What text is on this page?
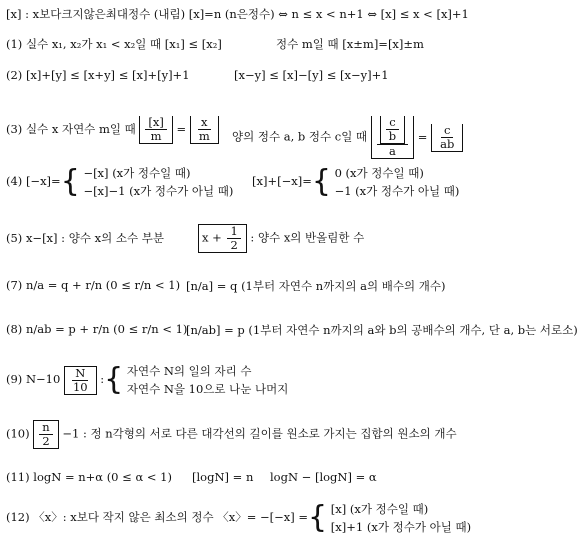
[x] : x보다크지않은최대정수 (내림) [x]=n (n은정수) ⇔ n ≤ x < n+1 ⇔ [x] ≤ x < [x]+1
(1) 실수 x₁, x₂가 x₁ < x₂일 때 [x₁] ≤ [x₂]	정수 m일 때 [x±m]=[x]±m
(2) [x]+[y] ≤ [x+y] ≤ [x]+[y]+1	[x−y] ≤ [x]−[y] ≤ [x−y]+1
(3) 실수 x 자연수 m일 때 $\frac{[x]}{m} = \frac{x}{m}$ 양의 정수 a, b 정수 c일 때 $\frac{\frac{c}{b}}{a} = \frac{c}{ab}$
(4) [−x]={ −[x] (x가 정수일 때)
−[x]−1 (x가 정수가 아닐 때)
[x]+[−x]={ 0 (x가 정수일 때)
−1 (x가 정수가 아닐 때)
(5) x−[x] : 양수 x의 소수 부분	$x + \frac{1}{2}$ : 양수 x의 반올림한 수
(7) n/a = q + r/n (0 ≤ r/n < 1) [n/a] = q (1부터 자연수 n까지의 a의 배수의 개수)
(8) n/ab = p + r/n (0 ≤ r/n < 1)
[n/ab] = p (1부터 자연수 n까지의 a와 b의 공배수의 개수, 단 a, b는 서로소)
(9) $N-10 \frac{N}{10}$ :{ 자연수 N의 일의 자리 수
자연수 N을 10으로 나눈 나머지
$(10) \frac{n}{2} -1$ : 정 n각형의 서로 다른 대각선의 길이를 원소로 가지는 집합의 원소의 개수
(11) logN = n+α (0 ≤ α < 1) [logN] = n logN − [logN] = α
(12) 〈x〉: x보다 작지 않은 최소의 정수 〈x〉= −[−x] ={ [x] (x가 정수일 때)
[x]+1 (x가 정수가 아닐 때)
